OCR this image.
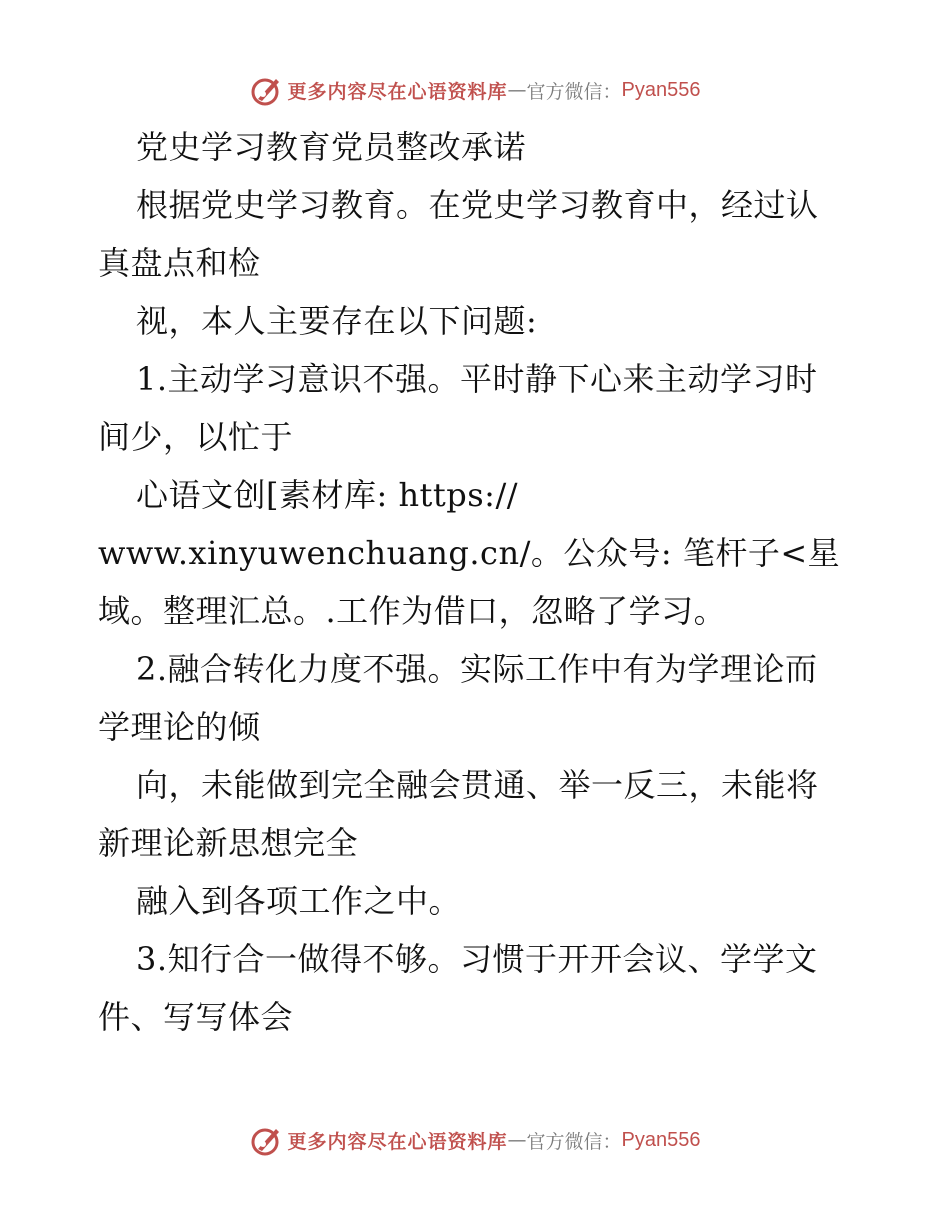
更多内容尽在心语资料库 — 官方微信： Pyan556
党史学习教育党员整改承诺
根据党史学习教育。在党史学习教育中，经过认
真盘点和检
视，本人主要存在以下问题:
1.主动学习意识不强。平时静下心来主动学习时
间少，以忙于
心语文创[素材库: https://
www.xinyuwenchuang.cn/。公众号: 笔杆子<星
域。整理汇总。.工作为借口，忽略了学习。
2.融合转化力度不强。实际工作中有为学理论而
学理论的倾
向，未能做到完全融会贯通、举一反三，未能将
新理论新思想完全
融入到各项工作之中。
3.知行合一做得不够。习惯于开开会议、学学文
件、写写体会
更多内容尽在心语资料库 — 官方微信： Pyan556
